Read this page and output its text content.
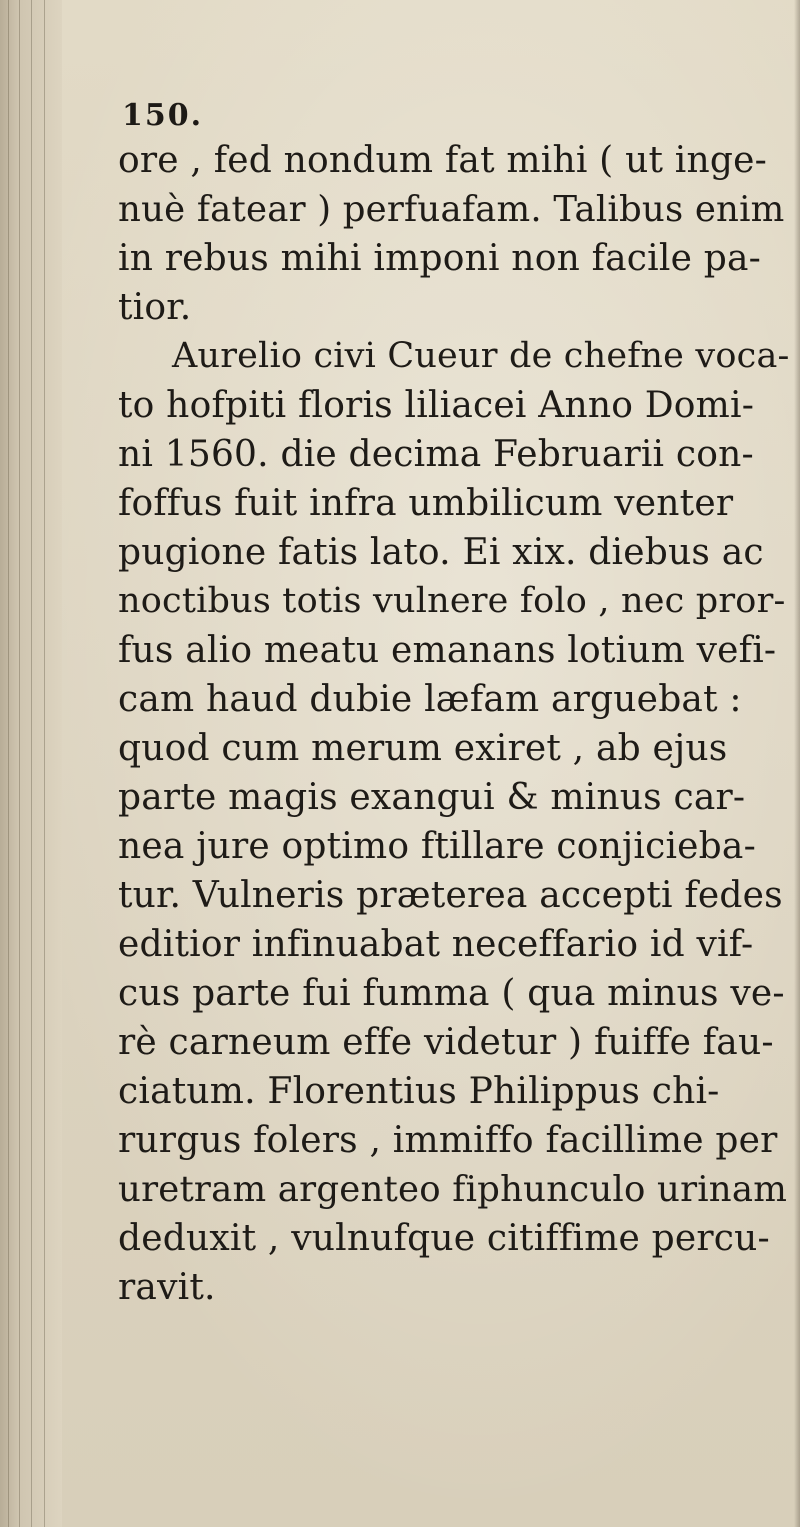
150.
ore , fed nondum fat mihi ( ut inge-
nuè fatear ) perfuafam. Talibus enim
in rebus mihi imponi non facile pa-
tior.
Aurelio civi Cueur de chefne voca-
to hofpiti floris liliacei Anno Domi-
ni 1560. die decima Februarii con-
foffus fuit infra umbilicum venter
pugione fatis lato. Ei xix. diebus ac
noctibus totis vulnere folo , nec pror-
fus alio meatu emanans lotium vefi-
cam haud dubie læfam arguebat :
quod cum merum exiret , ab ejus
parte magis exangui & minus car-
nea jure optimo ftillare conjicieba-
tur. Vulneris prætereа accepti fedes
editior infinuabat neceffario id vif-
cus parte fui fumma ( qua minus ve-
rè carneum effe videtur ) fuiffe fau-
ciatum. Florentius Philippus chi-
rurgus folers , immiffo facillime per
uretram argenteo fiphunculo urinam
deduxit , vulnufque citiffime percu-
ravit.
